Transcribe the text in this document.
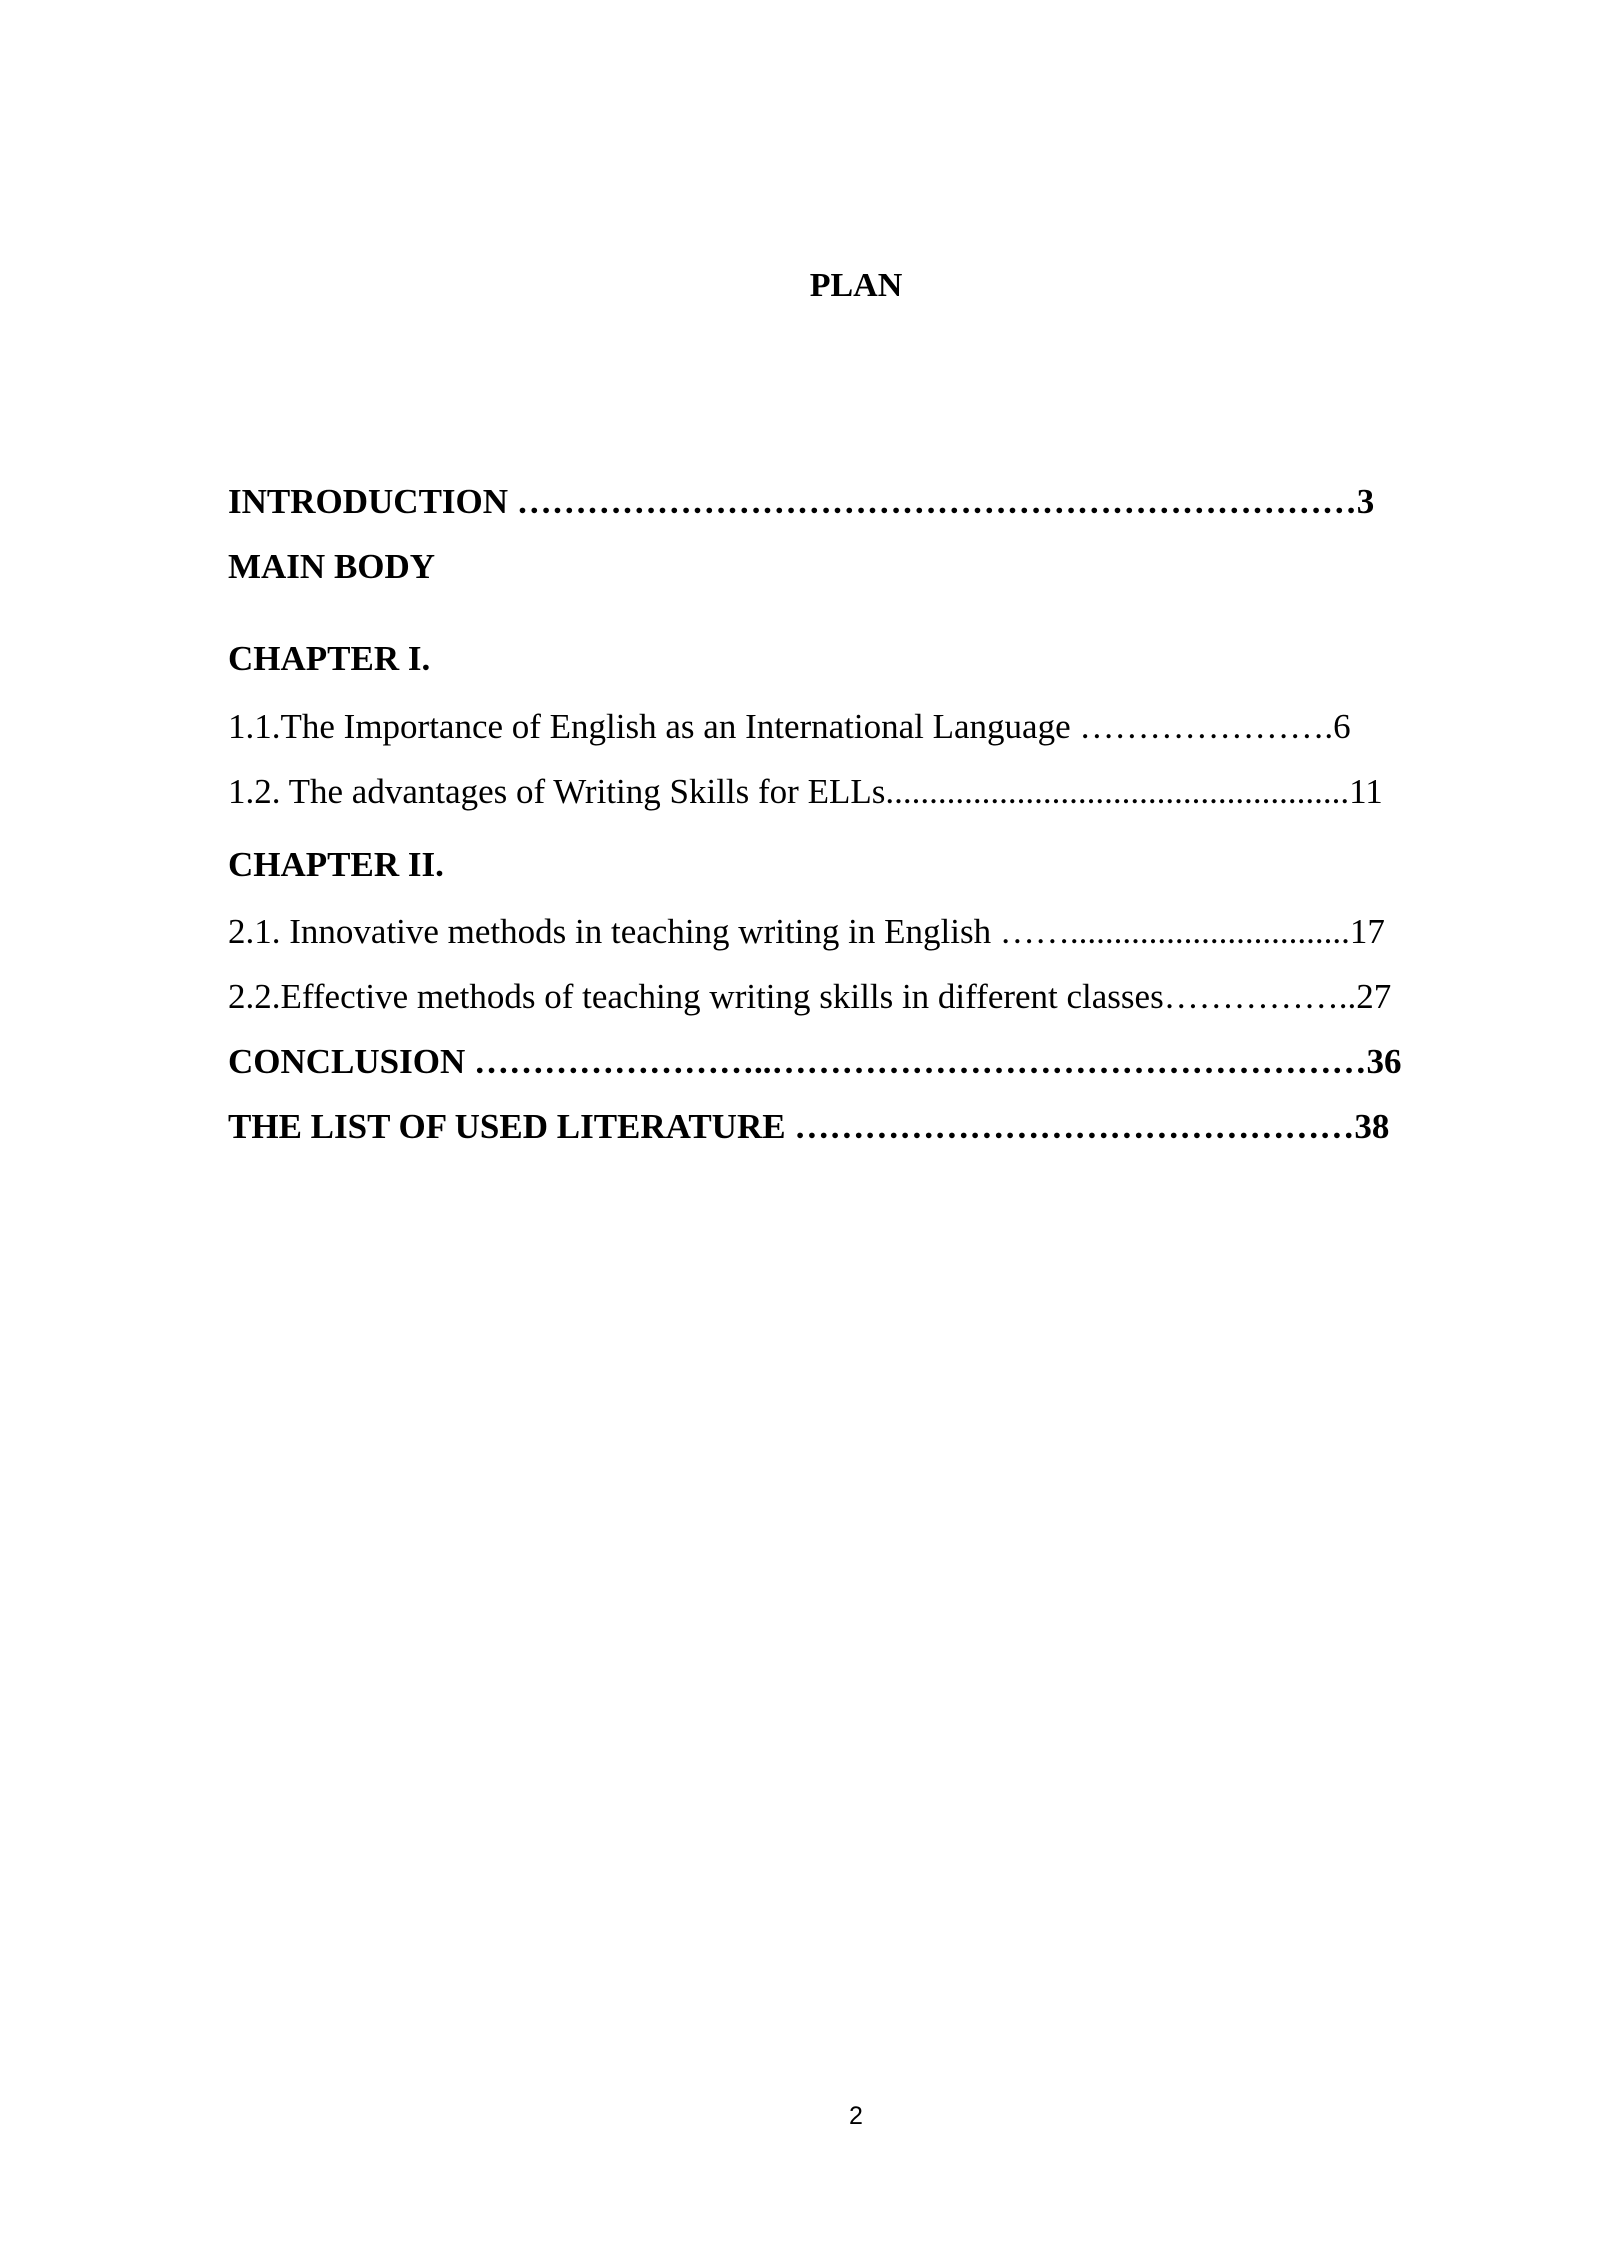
PLAN
INTRODUCTION ………………………………………………………………3
MAIN BODY
CHAPTER I.
1.1.The Importance of English as an International Language ………………….6
1.2. The advantages of Writing Skills for ELLs.....................................................11
CHAPTER II.
2.1. Innovative methods in teaching writing in English ……................................17
2.2.Effective methods of teaching writing skills in different classes……………..27
CONCLUSION ……………………..……………………………………………36
THE LIST OF USED LITERATURE …………………………………………38
2
